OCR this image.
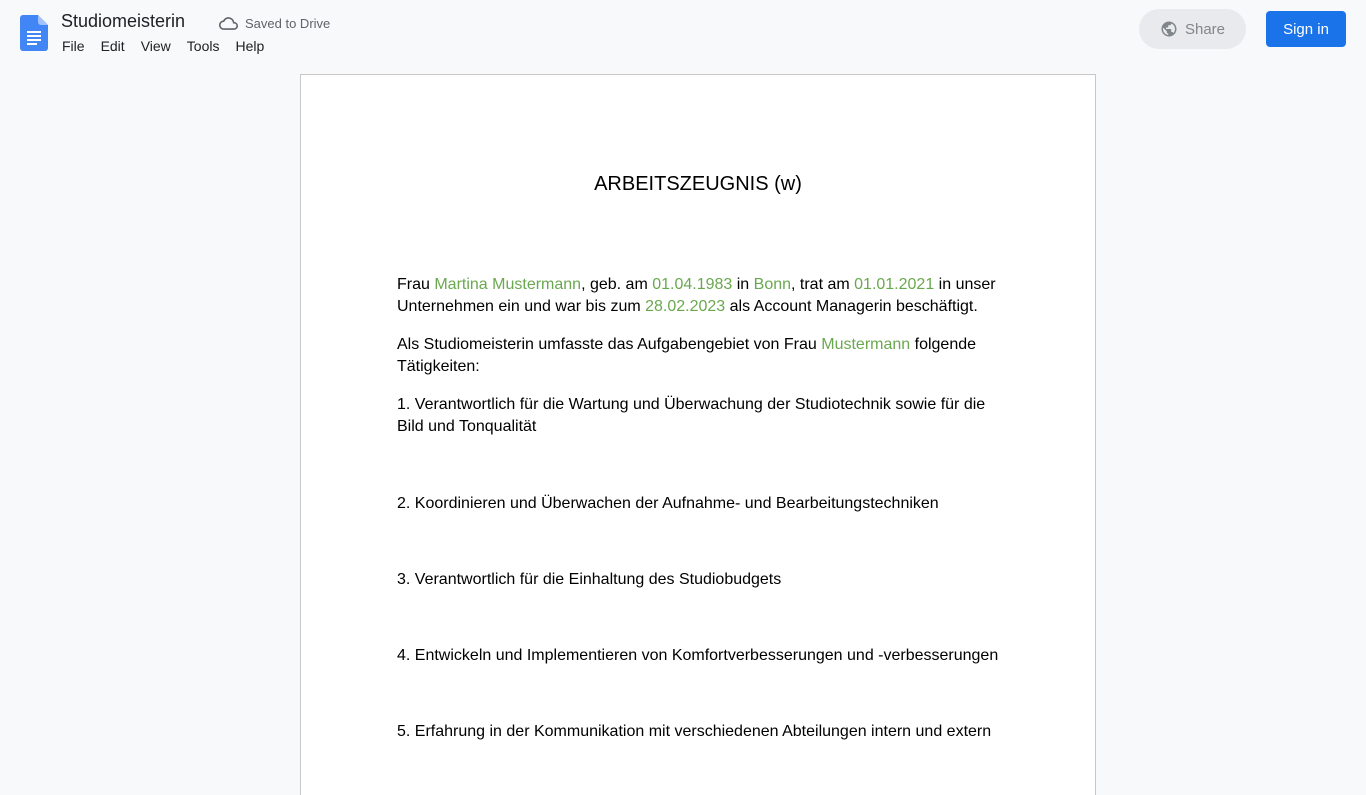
Studiomeisterin	Saved to Drive
File	Edit	View	Tools	Help
Share	Sign in
ARBEITSZEUGNIS (w)

Frau Martina Mustermann, geb. am 01.04.1983 in Bonn, trat am 01.01.2021 in unser Unternehmen ein und war bis zum 28.02.2023 als Account Managerin beschäftigt.

Als Studiomeisterin umfasste das Aufgabengebiet von Frau Mustermann folgende Tätigkeiten:

1. Verantwortlich für die Wartung und Überwachung der Studiotechnik sowie für die Bild und Tonqualität

2. Koordinieren und Überwachen der Aufnahme- und Bearbeitungstechniken

3. Verantwortlich für die Einhaltung des Studiobudgets

4. Entwickeln und Implementieren von Komfortverbesserungen und -verbesserungen

5. Erfahrung in der Kommunikation mit verschiedenen Abteilungen intern und extern
